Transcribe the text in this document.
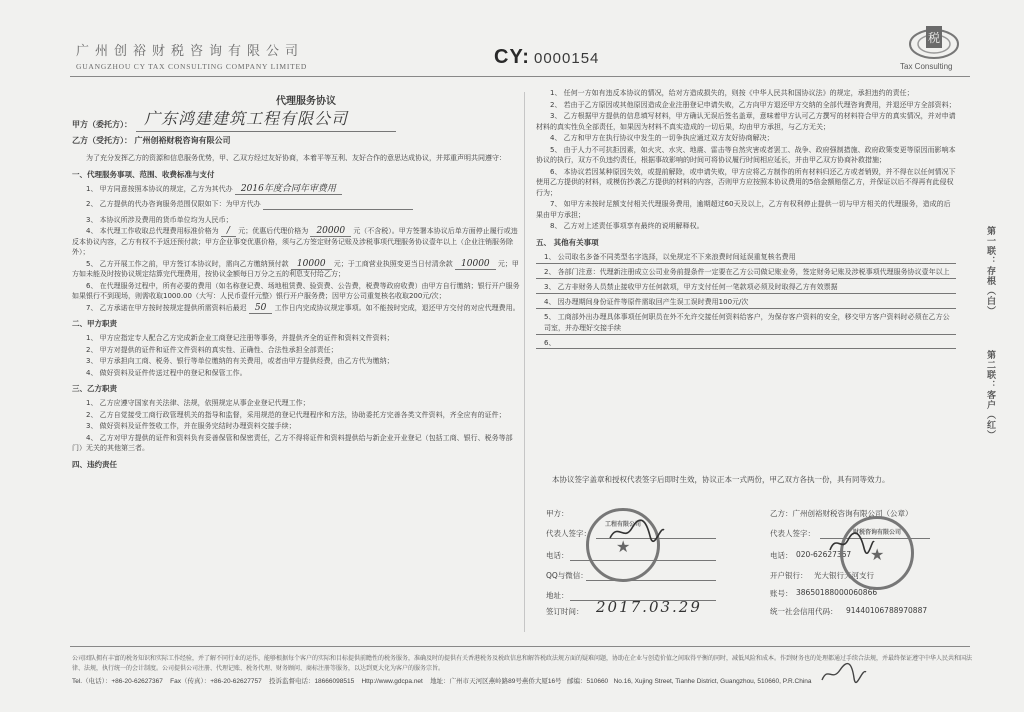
广州创裕财税咨询有限公司
GUANGZHOU CY TAX CONSULTING COMPANY LIMITED	CY: 0000154
税
Tax Consulting
代理服务协议
甲方（委托方）： 广东鸿建建筑工程有限公司
乙方（受托方）： 广州创裕财税咨询有限公司

为了充分发挥乙方的资源和信息服务优势，甲、乙双方经过友好协商，本着平等互利、友好合作的意思达成协议，并郑重声明共同遵守：

一、代理服务事项、范围、收费标准与支付

1、 甲方同意按照本协议的规定，乙方为其代办 2016年度合同年审费用

2、 乙方提供的代办咨询服务范围仅限如下：为甲方代办

3、 本协议所涉及费用的货币单位均为人民币；

4、 本代理工作收取总代理费用标准价格为 / 元；优惠后代理价格为 20000 元（不含税）。甲方签署本协议后单方面停止履行或违反本协议内容，乙方有权不予返还预付款；甲方企业事变优惠价格，须与乙方签定财务记账及涉税事项代理服务协议壹年以上（企业注销服务除外）；

5、 乙方开展工作之前，甲方签订本协议时，需向乙方缴纳预付款 10000 元；于工商营业执照变更当日付清余款 10000 元；甲方如未能及时按协议规定结算完代理费用，按协议金额每日万分之五的利息支付给乙方；

6、 在代理服务过程中，所有必要的费用（如名称登记费、场地租赁费、验资费、公告费，税费等政府收费）由甲方自行缴纳；银行开户服务如果银行不到现场，则需收取1000.00（大写：人民币壹仟元整）银行开户服务费；因甲方公司重复核名收取200元/次；

7、 乙方承诺在甲方按时按规定提供所需资料后最迟 50 工作日内完成协议规定事项。如不能按时完成，退还甲方交付的对应代理费用。

二、甲方职责

1、 甲方应指定专人配合乙方完成新企业工商登记注册等事务，并提供齐全的证件和资料文件资料；

2、 甲方对提供的证件和证件文件资料的真实性、正确性、合法性承担全部责任；

3、 甲方承担向工商、税务、银行等单位缴纳的有关费用，或者由甲方提供经费，由乙方代为缴纳；

4、 做好资料及证件传送过程中的登记和保管工作。

三、乙方职责

1、 乙方应遵守国家有关法律、法规，依照规定从事企业登记代理工作；

2、 乙方自觉接受工商行政管理机关的指导和监督，采用规范的登记代理程序和方法，协助委托方完善各类文件资料，齐全应有的证件；

3、 做好资料及证件签收工作，并在服务完结时办理资料交接手续；

4、 乙方对甲方提供的证件和资料负有妥善保管和保密责任，乙方不得将证件和资料提供给与新企业开业登记（包括工商、银行、税务等部门）无关的其他第三者。

四、违约责任

1、 任何一方如有违反本协议的情况，给对方造成损失的，则按《中华人民共和国协议法》的规定，承担违约的责任；

2、 若由于乙方原因或其他原因造成企业注册登记申请失败，乙方向甲方退还甲方交纳的全部代理咨询费用，并退还甲方全部资料；

3、 乙方根据甲方提供的信息填写材料，甲方确认无误后签名盖章，意味着甲方认可乙方撰写的材料符合甲方的真实情况，并对申请材料的真实性负全部责任，如果因为材料不真实造成的一切后果，均由甲方承担，与乙方无关；

4、 乙方和甲方在执行协议中发生的一切争执应通过双方友好协商解决；

5、 由于人力不可抗拒因素，如火灾、水灾、地震、雷击等自然灾害或者罢工、战争、政府强制措施、政府政策变更等原因而影响本协议的执行，双方不负违约责任，根据事故影响的时间可将协议履行时间相应延长，并由甲乙双方协商补救措施；

6、 本协议若因某种原因失效，或提前解除，或申请失败，甲方应将乙方制作的所有材料归还乙方或者销毁，并不得在以任何情况下使用乙方提供的材料，或模仿抄袭乙方提供的材料的内容，否则甲方应按照本协议费用的5倍金额赔偿乙方，并保证以后不得再有此侵权行为；

7、 如甲方未按时足额支付相关代理服务费用，逾期超过60天及以上，乙方有权利停止提供一切与甲方相关的代理服务，造成的后果由甲方承担；

8、 乙方对上述责任事项享有最终的说明解释权。

五、 其他有关事项

1、 公司取名多备不同类型名字选择，以免规定不下来浪费时间延误重复核名费用
2、 各部门注意：代理新注册成立公司业务前提条件一定要在乙方公司做记账业务，签定财务记账及涉税事项代理服务协议壹年以上
3、 乙方非财务人员禁止接收甲方任何款项，甲方支付任何一笔款项必须及时取得乙方有效票据
4、 因办理期间身份证件等原件需取回产生误工误时费用100元/次
5、 工商部外出办理具体事项任何职员在外不允许交接任何资料给客户，为保存客户资料的安全，移交甲方客户资料时必须在乙方公司室，并办理好交接手续
6、
本协议签字盖章和授权代表签字后即时生效，协议正本一式两份，甲乙双方各执一份，具有同等效力。
甲方：
代表人签字：
电话：
QQ与微信：
地址：
签订时间： 2017.03.29
工程有限公司
★
乙方：广州创裕财税咨询有限公司（公章）
代表人签字：
电话： 020-62627367
开户银行： 光大银行天河支行
账号： 38650188000060866
统一社会信用代码： 91440106788970887
财税咨询有限公司
★
第一联：存根（白）
第二联：客户（红）
公司团队拥有丰富的税务知识和实际工作经验，并了解不同行业的运作，能够根据每个客户的实际和目标提供前瞻性的税务服务，准确及时的提供有关香港税务及税政信息和解答税政法规方面的疑难问题，协助在企业与创造价值之间取得平衡的同时，减低风险和成本。作到财务也的处理都通过手续合法规，并最终保证遵守中华人民共和国法律、法规，执行统一的会计制度。公司提供公司注册、代理记账、税务代理、财务顾问、商标注册等服务，以达到更大化为客户的服务宗旨。
Tel.（电话）：+86-20-62627367 Fax（传真）：+86-20-62627757 投诉监督电话：18666098515 Http://www.gdcpa.net 地址：广州市天河区燕岭路89号燕侨大厦16号 邮编：510660 No.16, Xujing Street, Tianhe District, Guangzhou, 510660, P.R.China
